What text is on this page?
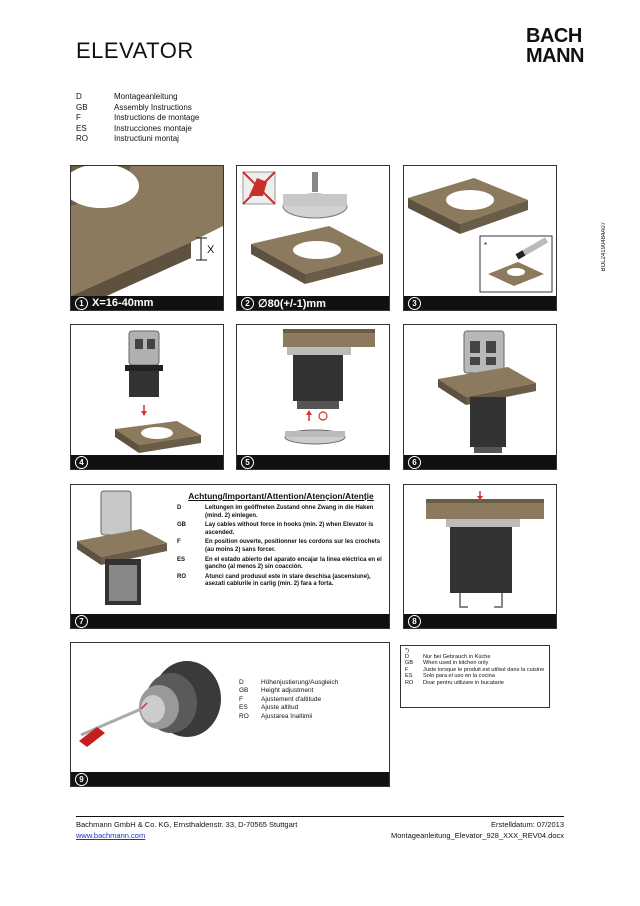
ELEVATOR
BACH
MANN
D	Montageanleitung
GB	Assembly Instructions
F	Instructions de montage
ES	Instrucciones montaje
RO	Instructiuni montaj
BOL24190484A07
X
1 X=16-40mm	2 ∅80(+/-1)mm
*
3
4	5	6
Achtung/Important/Attention/Atençion/Atenție
D	Leitungen im geöffneten Zustand ohne Zwang in die Haken (mind. 2) einlegen.
GB	Lay cables without force in hooks (min. 2) when Elevator is ascended.
F	En position ouverte, positionner les cordons sur les crochets (au moins 2) sans forcer.
ES	En el estado abierto del aparato encajar la linea eléctrica en el gancho (al menos 2) sin coacción.
RO	Atunci cand produsul este in stare deschisa (ascensiune), asezati cablurile in carlig (min. 2) fara a forta.
7	8
D	Höhenjustierung/Ausgleich
GB	Height adjustment
F	Ajustement d'altitude
ES	Ajuste altitud
RO	Ajustarea înaltimii
9
*)
D	Nur bei Gebrauch in Küche
GB	When used in kitchen only
F	Juste lorsque le produit est utilisé dans la cuisine
ES	Solo para el uso en la cocina
RO	Doar pentru utilizare in bucatarie
Bachmann GmbH & Co. KG, Ernsthaldenstr. 33, D-70565 Stuttgart
www.bachmann.com
Erstelldatum: 07/2013
Montageanleitung_Elevator_928_XXX_REV04.docx
